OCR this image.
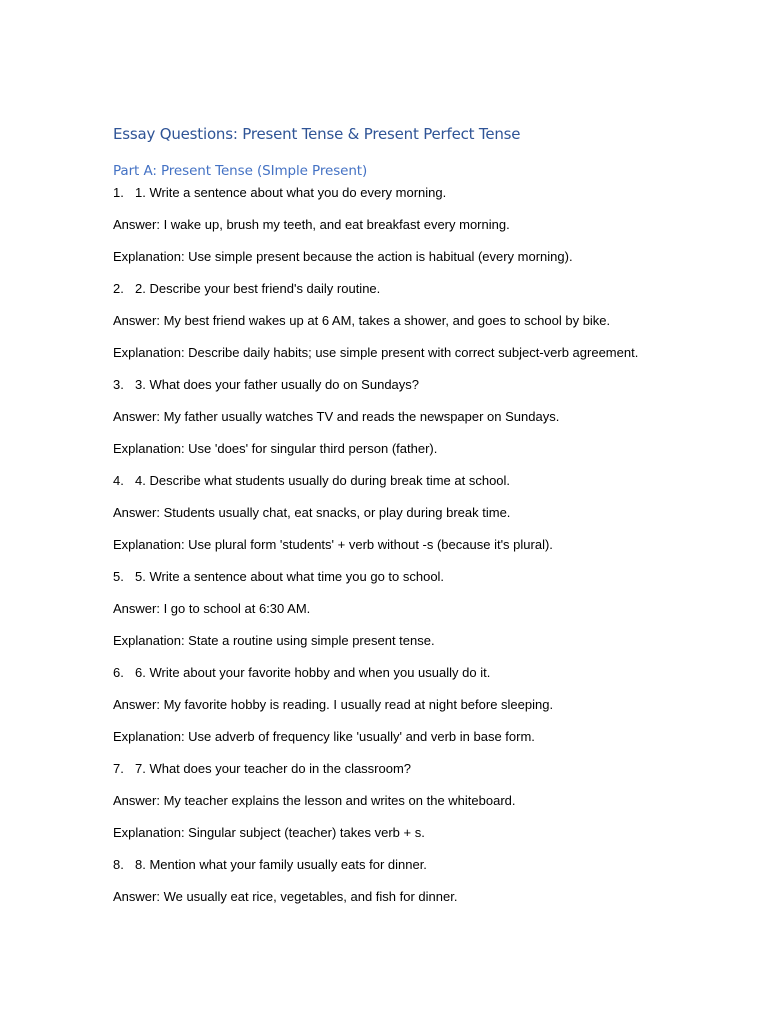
Essay Questions: Present Tense & Present Perfect Tense
Part A: Present Tense (SImple Present)
1. 1. Write a sentence about what you do every morning.
Answer: I wake up, brush my teeth, and eat breakfast every morning.
Explanation: Use simple present because the action is habitual (every morning).
2. 2. Describe your best friend's daily routine.
Answer: My best friend wakes up at 6 AM, takes a shower, and goes to school by bike.
Explanation: Describe daily habits; use simple present with correct subject-verb agreement.
3. 3. What does your father usually do on Sundays?
Answer: My father usually watches TV and reads the newspaper on Sundays.
Explanation: Use 'does' for singular third person (father).
4. 4. Describe what students usually do during break time at school.
Answer: Students usually chat, eat snacks, or play during break time.
Explanation: Use plural form 'students' + verb without -s (because it's plural).
5. 5. Write a sentence about what time you go to school.
Answer: I go to school at 6:30 AM.
Explanation: State a routine using simple present tense.
6. 6. Write about your favorite hobby and when you usually do it.
Answer: My favorite hobby is reading. I usually read at night before sleeping.
Explanation: Use adverb of frequency like 'usually' and verb in base form.
7. 7. What does your teacher do in the classroom?
Answer: My teacher explains the lesson and writes on the whiteboard.
Explanation: Singular subject (teacher) takes verb + s.
8. 8. Mention what your family usually eats for dinner.
Answer: We usually eat rice, vegetables, and fish for dinner.
